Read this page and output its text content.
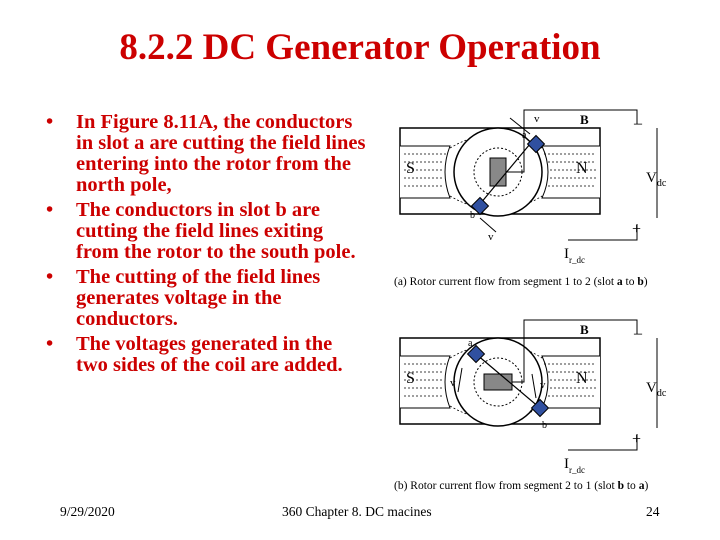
8.2.2 DC Generator Operation
• In Figure 8.11A, the conductors in slot a are cutting the field lines entering into the rotor from the north pole,
• The conductors in slot b are cutting the field lines exiting from the rotor to the south pole.
• The cutting of the field lines generates voltage in the conductors.
• The voltages generated in the two sides of the coil are added.
S	N
B	–
+
$V_{dc}$
$I_{r\_dc}$
a
b
v
v
(a) Rotor current flow from segment 1 to 2 (slot a to b)
S	N
B	–
+
$V_{dc}$
$I_{r\_dc}$
a
b
v	v
(b) Rotor current flow from segment 2 to 1 (slot b to a)
9/29/2020	360 Chapter 8. DC macines	24
